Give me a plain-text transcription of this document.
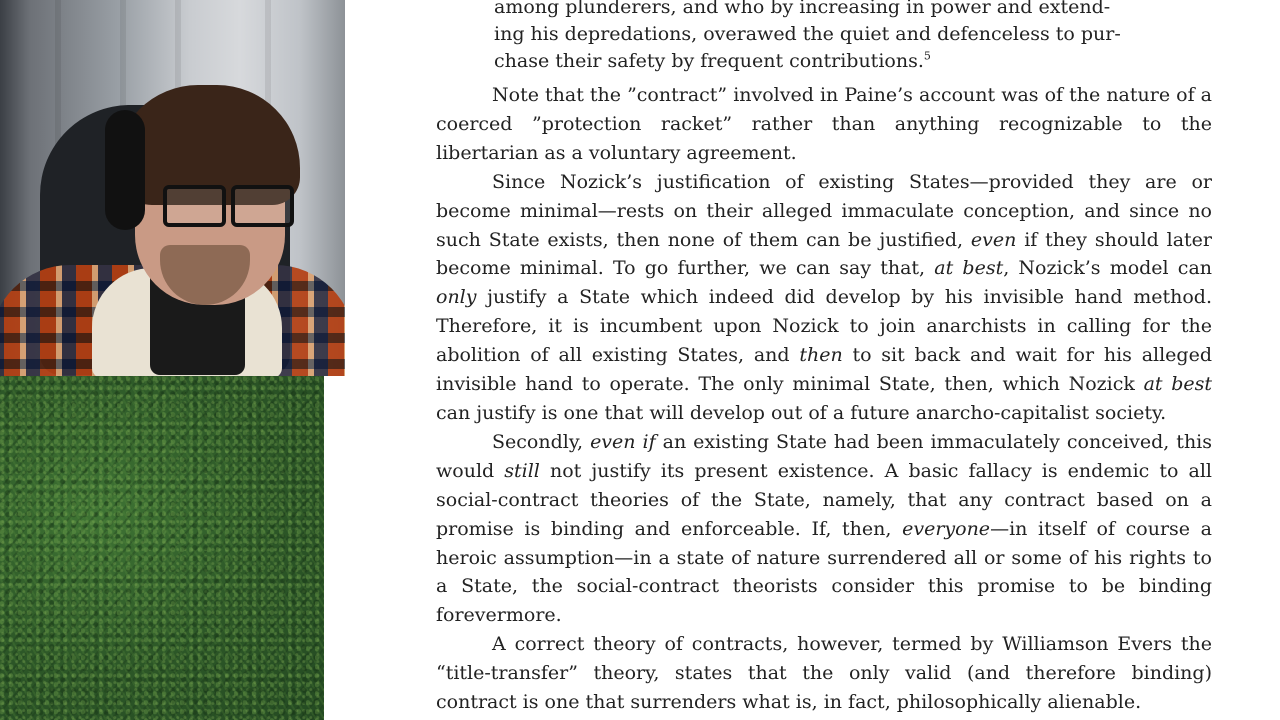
among plunderers, and who by increasing in power and extend-
ing his depredations, overawed the quiet and defenceless to pur-
chase their safety by frequent contributions.$^5$

Note that the ”contract” involved in Paine’s account was of the nature of a coerced ”protection racket” rather than anything recognizable to the libertarian as a voluntary agreement.

Since Nozick’s justification of existing States—provided they are or become minimal—rests on their alleged immaculate conception, and since no such State exists, then none of them can be justified, even if they should later become minimal. To go further, we can say that, at best, Nozick’s model can only justify a State which indeed did develop by his invisible hand method. Therefore, it is incumbent upon Nozick to join anarchists in calling for the abolition of all existing States, and then to sit back and wait for his alleged invisible hand to operate. The only minimal State, then, which Nozick at best can justify is one that will develop out of a future anarcho-capitalist society.

Secondly, even if an existing State had been immaculately conceived, this would still not justify its present existence. A basic fallacy is endemic to all social-contract theories of the State, namely, that any contract based on a promise is binding and enforceable. If, then, everyone—in itself of course a heroic assumption—in a state of nature surrendered all or some of his rights to a State, the social-contract theorists consider this promise to be binding forevermore.

A correct theory of contracts, however, termed by Williamson Evers the “title-transfer” theory, states that the only valid (and therefore binding) contract is one that surrenders what is, in fact, philosophically alienable.
